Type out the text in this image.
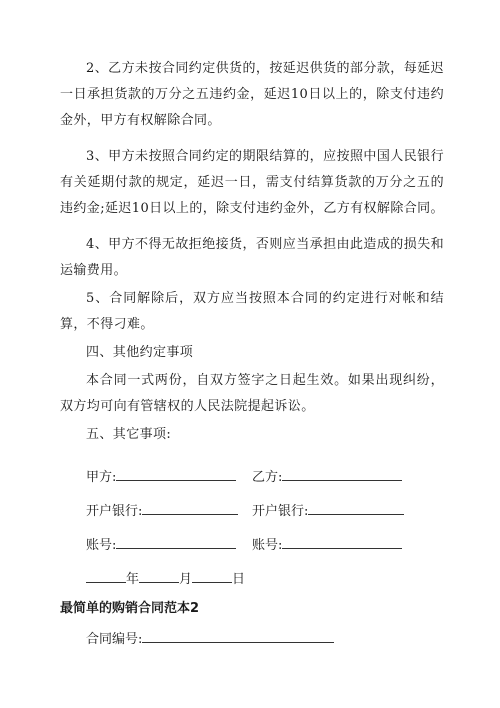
2、乙方未按合同约定供货的，按延迟供货的部分款，每延迟一日承担货款的万分之五违约金，延迟10日以上的，除支付违约金外，甲方有权解除合同。

3、甲方未按照合同约定的期限结算的，应按照中国人民银行有关延期付款的规定，延迟一日，需支付结算货款的万分之五的违约金;延迟10日以上的，除支付违约金外，乙方有权解除合同。

4、甲方不得无故拒绝接货，否则应当承担由此造成的损失和运输费用。

5、合同解除后，双方应当按照本合同的约定进行对帐和结算，不得刁难。

四、其他约定事项

本合同一式两份，自双方签字之日起生效。如果出现纠纷，双方均可向有管辖权的人民法院提起诉讼。

五、其它事项:

甲方:	乙方:
开户银行:	开户银行:
账号:	账号:
年	月	日

最简单的购销合同范本2

合同编号:
